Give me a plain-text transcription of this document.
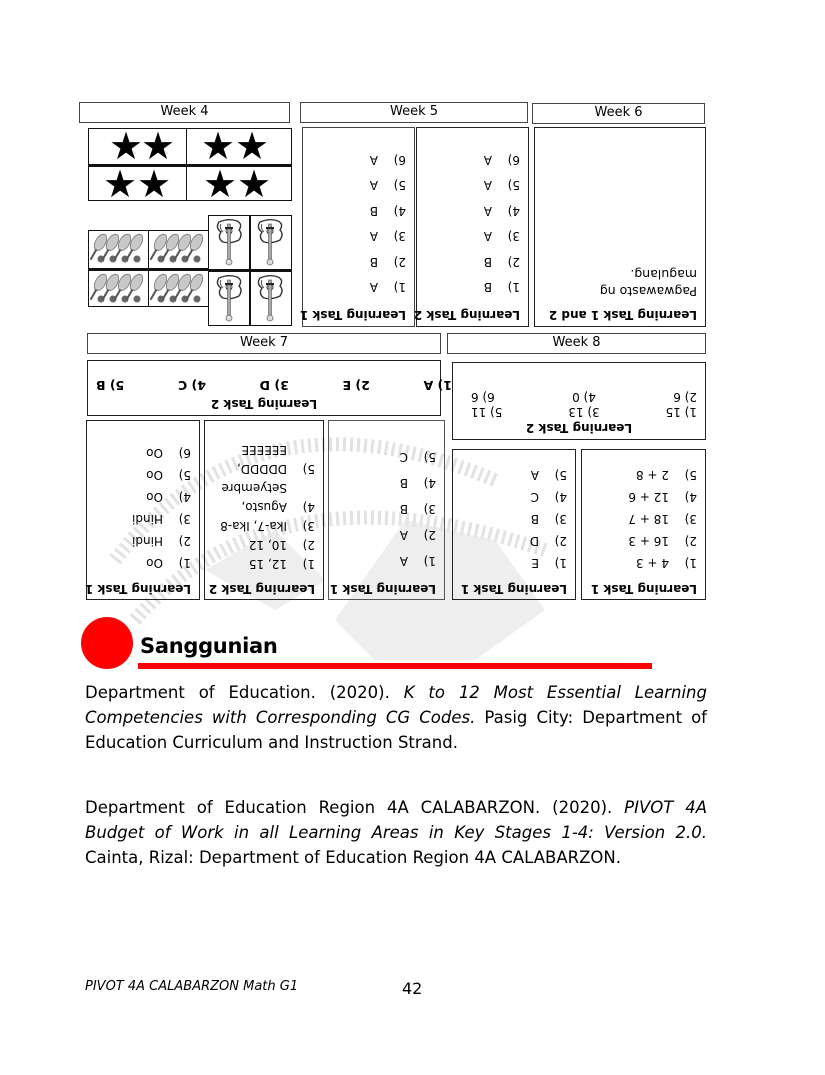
Week 4	Week 5	Week 6
★
★ ★ ★
★ ★ ★ ★
Learning Task 1
1)
A
2)
B
3)
A
4)
B
5)
A
6)
A
Learning Task 2
1)
B
2)
B
3)
A
4)
A
5)
A
6)
A
Learning Task 1 and 2
Pagwawasto ng
magulang.
Week 7	Week 8
Learning Task 2
1) A
2) E
3) D
4) C
5) B
Learning Task 2
1) 15
3) 13
5) 11
2) 6
4) 0
6) 6
Learning Task 1
1)
Oo
2)
Hindi
3)
Hindi
4)
Oo
5)
Oo
6)
Oo
Learning Task 2
1)
12, 15
2)
10, 12
3)
Ika-7, Ika-8
4)
Agusto,
Setyembre
5)
DDDDD,
EEEEEE
Learning Task 1
1)
A
2)
A
3)
B
4)
B
5)
C
Learning Task 1
1)
E
2)
D
3)
B
4)
C
5)
A
Learning Task 1
1)
4 + 3
2)
16 + 3
3)
18 + 7
4)
12 + 6
5)
2 + 8
Sanggunian
Department of Education. (2020). K to 12 Most Essential Learning Competencies with Corresponding CG Codes. Pasig City: Department of Education Curriculum and Instruction Strand.
Department of Education Region 4A CALABARZON. (2020). PIVOT 4A Budget of Work in all Learning Areas in Key Stages 1-4: Version 2.0. Cainta, Rizal: Department of Education Region 4A CALABARZON.
PIVOT 4A CALABARZON Math G1	42
